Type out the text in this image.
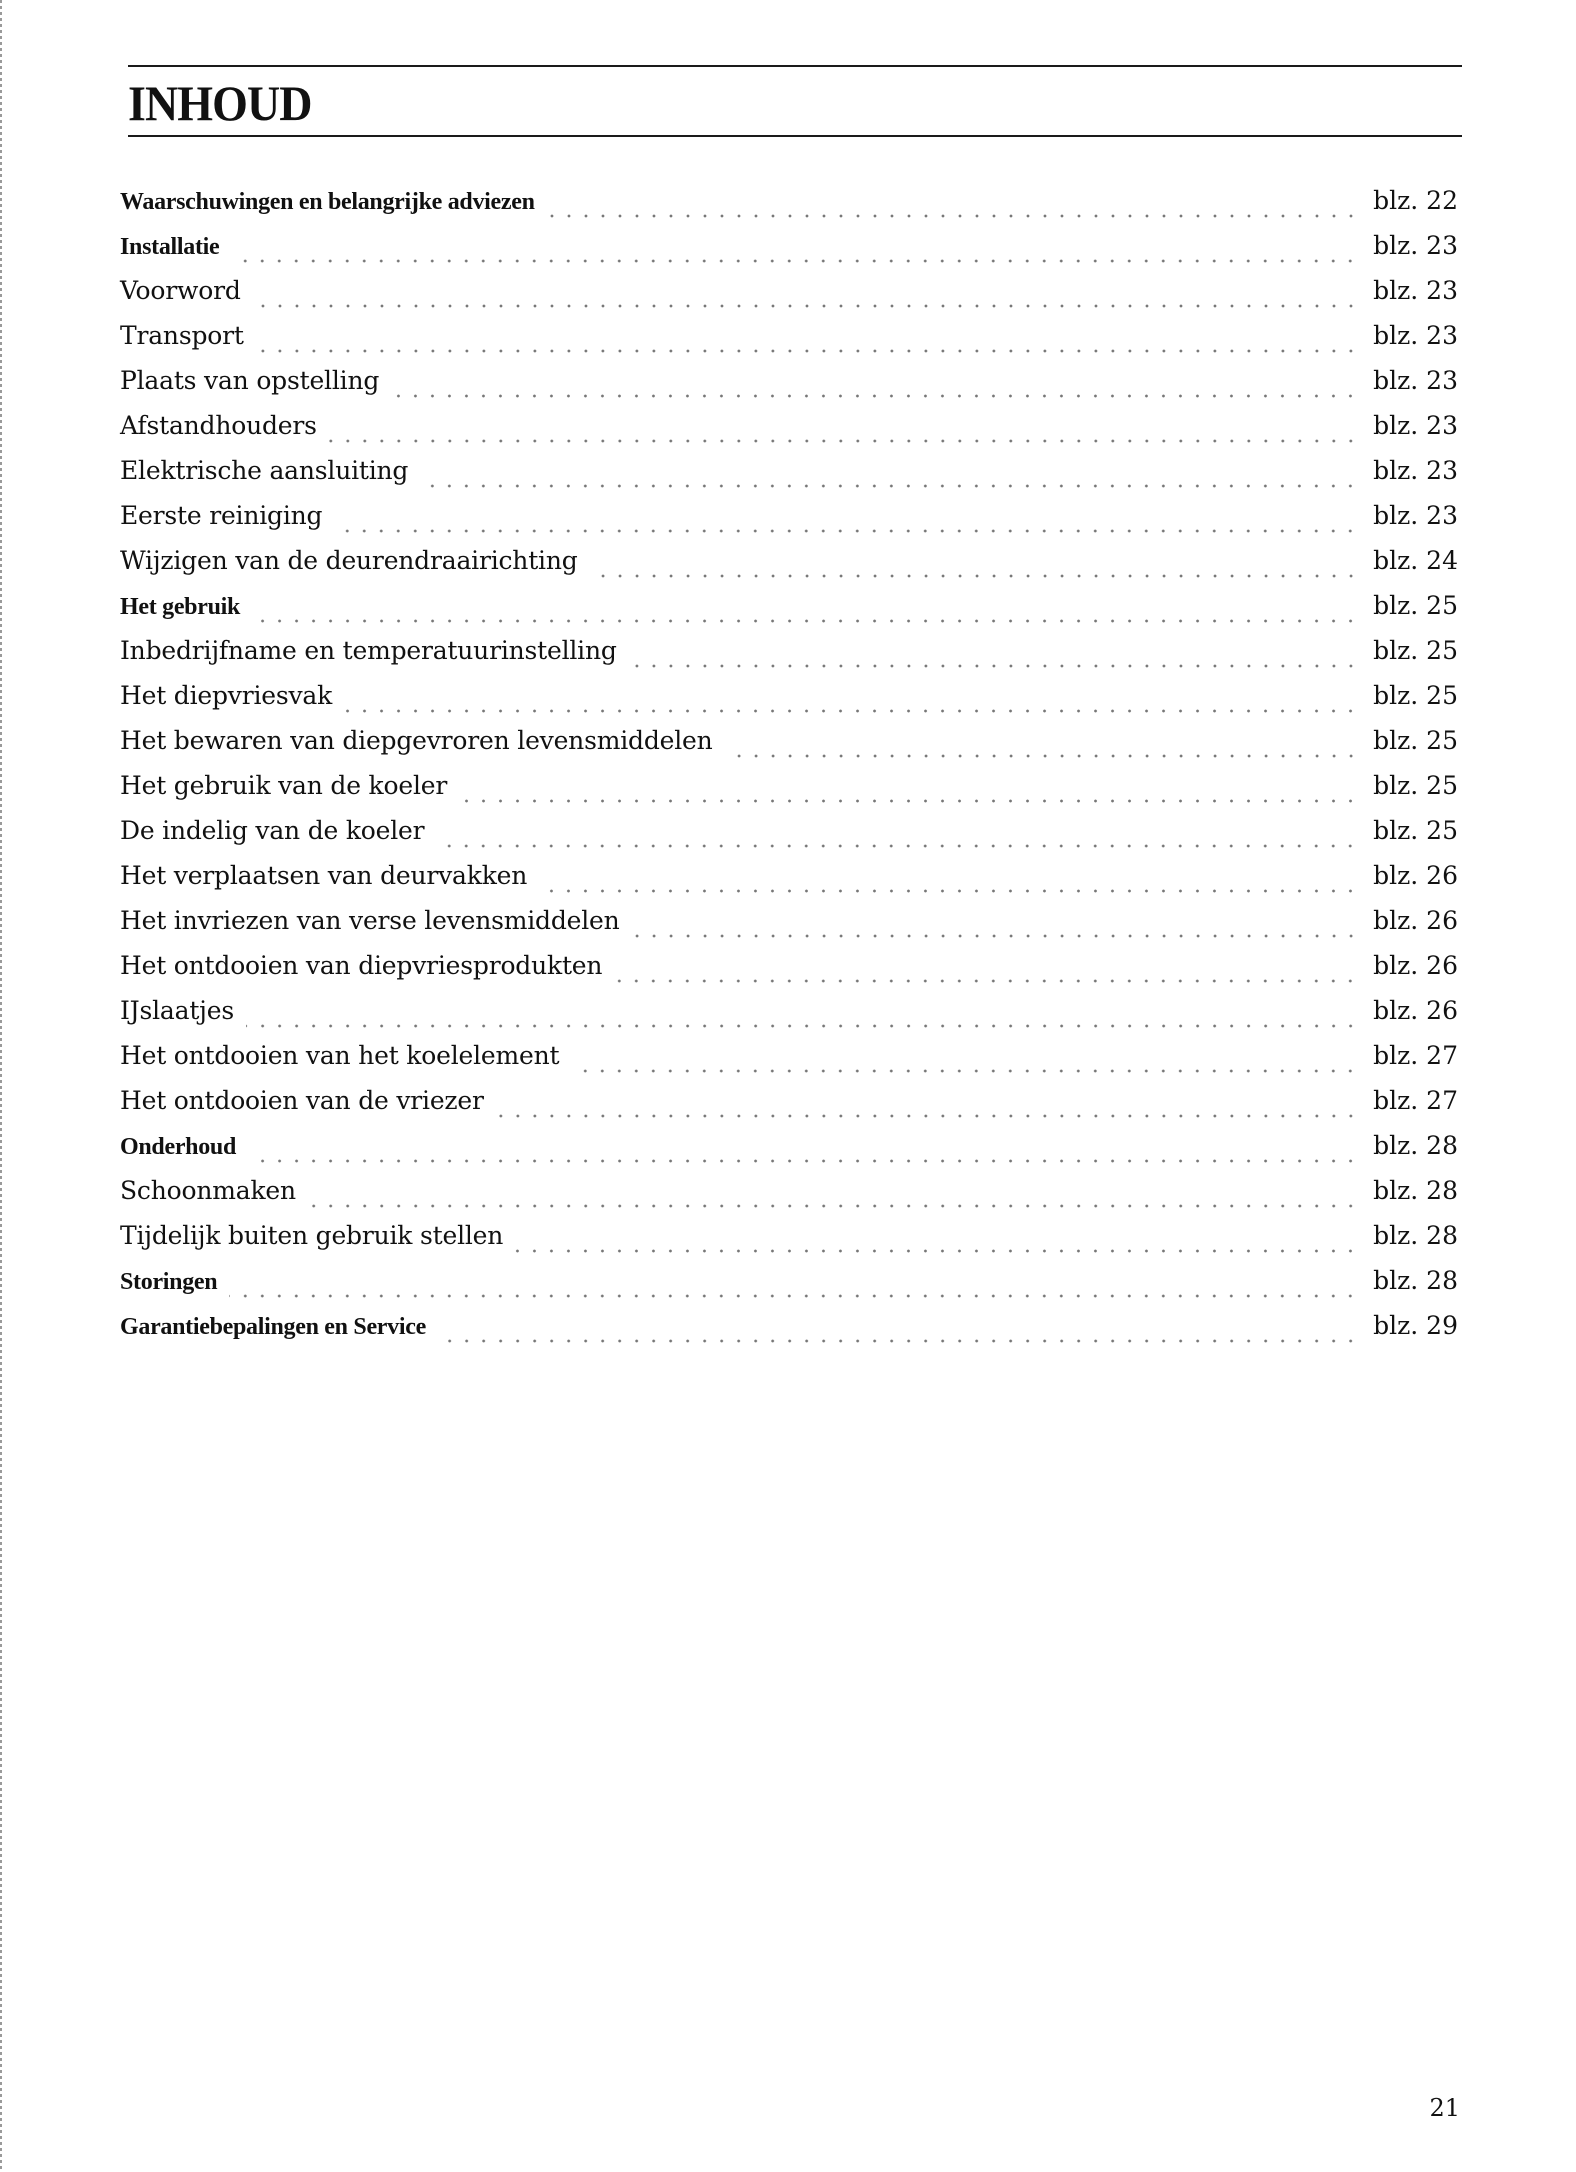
INHOUD
Waarschuwingen en belangrijke adviezen	blz. 22
Installatie	blz. 23
Voorword	blz. 23
Transport	blz. 23
Plaats van opstelling	blz. 23
Afstandhouders	blz. 23
Elektrische aansluiting	blz. 23
Eerste reiniging	blz. 23
Wijzigen van de deurendraairichting	blz. 24
Het gebruik	blz. 25
Inbedrijfname en temperatuurinstelling	blz. 25
Het diepvriesvak	blz. 25
Het bewaren van diepgevroren levensmiddelen	blz. 25
Het gebruik van de koeler	blz. 25
De indelig van de koeler	blz. 25
Het verplaatsen van deurvakken	blz. 26
Het invriezen van verse levensmiddelen	blz. 26
Het ontdooien van diepvriesprodukten	blz. 26
IJslaatjes	blz. 26
Het ontdooien van het koelelement	blz. 27
Het ontdooien van de vriezer	blz. 27
Onderhoud	blz. 28
Schoonmaken	blz. 28
Tijdelijk buiten gebruik stellen	blz. 28
Storingen	blz. 28
Garantiebepalingen en Service	blz. 29
21
